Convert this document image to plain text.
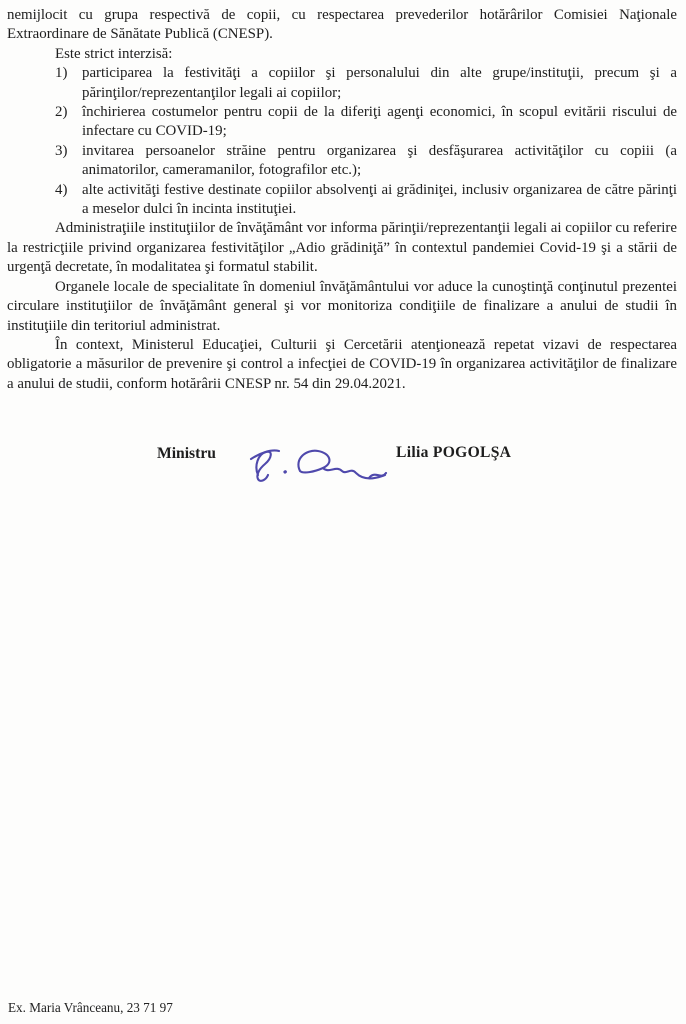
nemijlocit cu grupa respectivă de copii, cu respectarea prevederilor hotărârilor Comisiei Naţionale Extraordinare de Sănătate Publică (CNESP).

Este strict interzisă:

1) participarea la festivităţi a copiilor şi personalului din alte grupe/instituţii, precum şi a părinţilor/reprezentanţilor legali ai copiilor;
2) închirierea costumelor pentru copii de la diferiţi agenţi economici, în scopul evitării riscului de infectare cu COVID-19;
3) invitarea persoanelor străine pentru organizarea şi desfăşurarea activităţilor cu copiii (a animatorilor, cameramanilor, fotografilor etc.);
4) alte activităţi festive destinate copiilor absolvenţi ai grădiniţei, inclusiv organizarea de către părinţi a meselor dulci în incinta instituţiei.

Administraţiile instituţiilor de învăţământ vor informa părinţii/reprezentanţii legali ai copiilor cu referire la restricţiile privind organizarea festivităţilor „Adio grădiniţă” în contextul pandemiei Covid-19 şi a stării de urgenţă decretate, în modalitatea şi formatul stabilit.

Organele locale de specialitate în domeniul învăţământului vor aduce la cunoştinţă conţinutul prezentei circulare instituţiilor de învăţământ general şi vor monitoriza condiţiile de finalizare a anului de studii în instituţiile din teritoriul administrat.

În context, Ministerul Educaţiei, Culturii şi Cercetării atenţionează repetat vizavi de respectarea obligatorie a măsurilor de prevenire şi control a infecţiei de COVID-19 în organizarea activităţilor de finalizare a anului de studii, conform hotărârii CNESP nr. 54 din 29.04.2021.

Ministru	Lilia POGOLŞA
Ex. Maria Vrânceanu, 23 71 97
